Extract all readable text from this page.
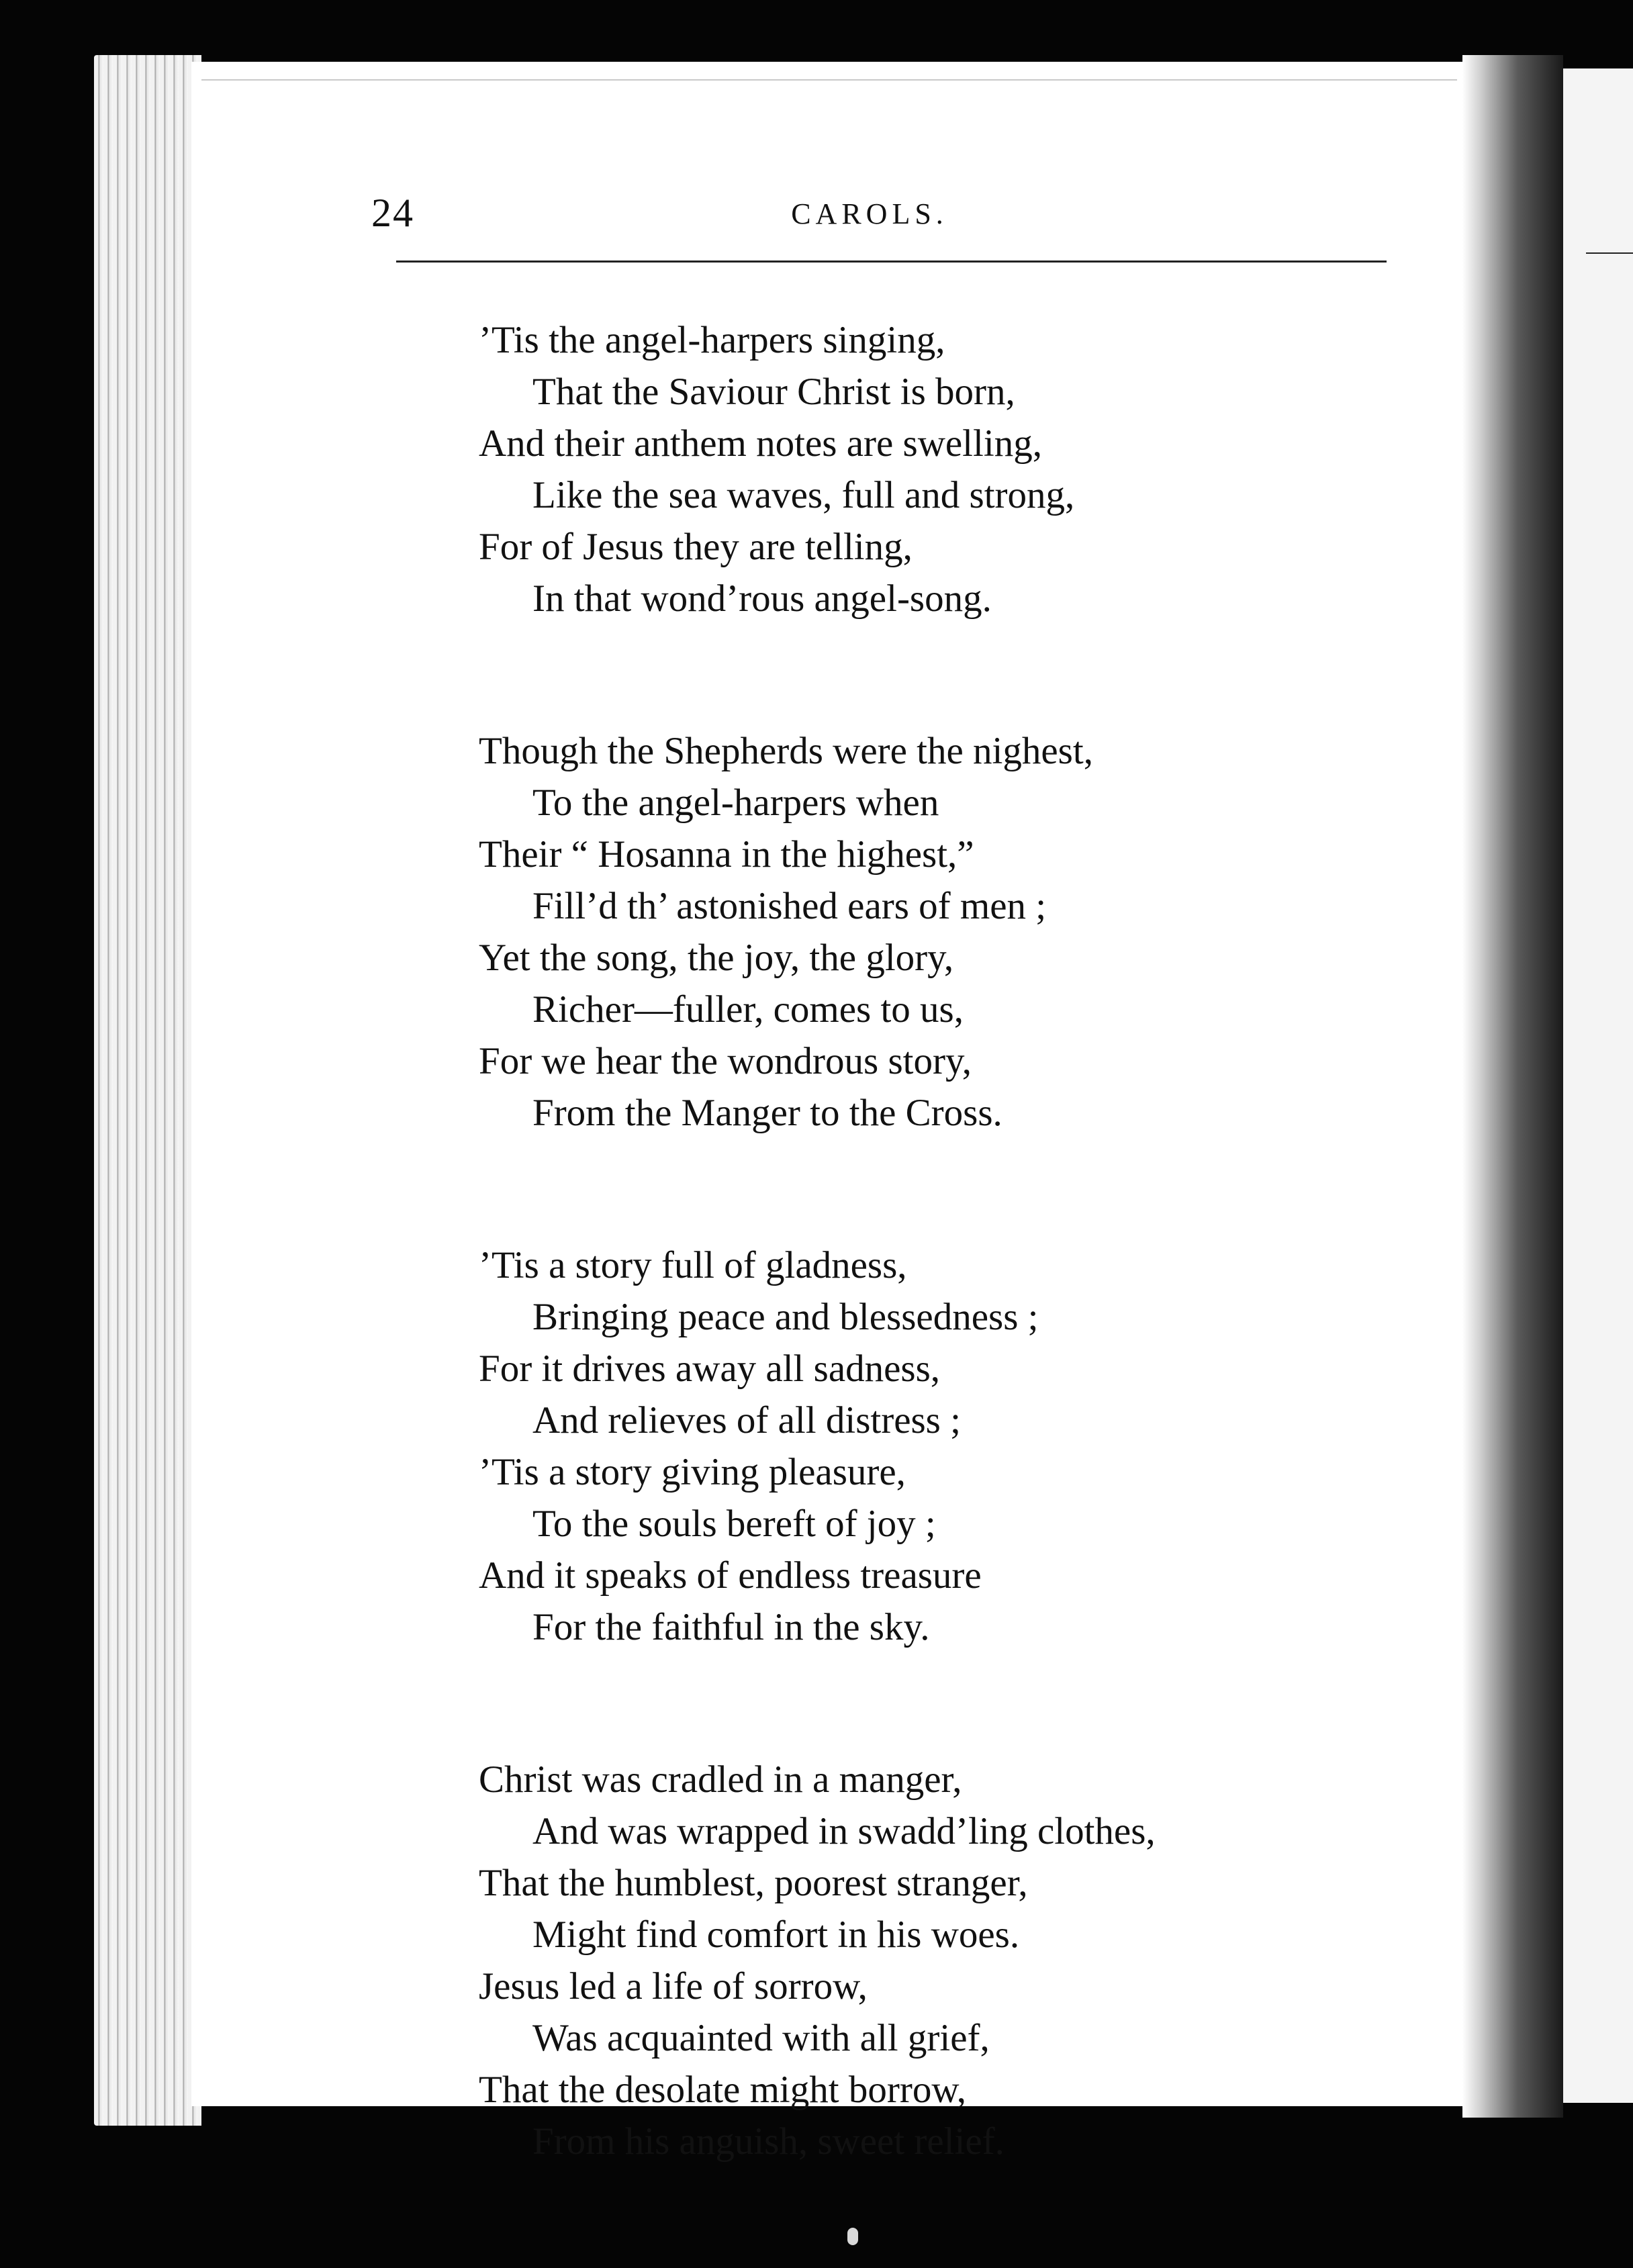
24	CAROLS.
’Tis the angel-harpers singing,
That the Saviour Christ is born,
And their anthem notes are swelling,
Like the sea waves, full and strong,
For of Jesus they are telling,
In that wond’rous angel-song.
Though the Shepherds were the nighest,
To the angel-harpers when
Their “ Hosanna in the highest,”
Fill’d th’ astonished ears of men ;
Yet the song, the joy, the glory,
Richer—fuller, comes to us,
For we hear the wondrous story,
From the Manger to the Cross.
’Tis a story full of gladness,
Bringing peace and blessedness ;
For it drives away all sadness,
And relieves of all distress ;
’Tis a story giving pleasure,
To the souls bereft of joy ;
And it speaks of endless treasure
For the faithful in the sky.
Christ was cradled in a manger,
And was wrapped in swadd’ling clothes,
That the humblest, poorest stranger,
Might find comfort in his woes.
Jesus led a life of sorrow,
Was acquainted with all grief,
That the desolate might borrow,
From his anguish, sweet relief.
